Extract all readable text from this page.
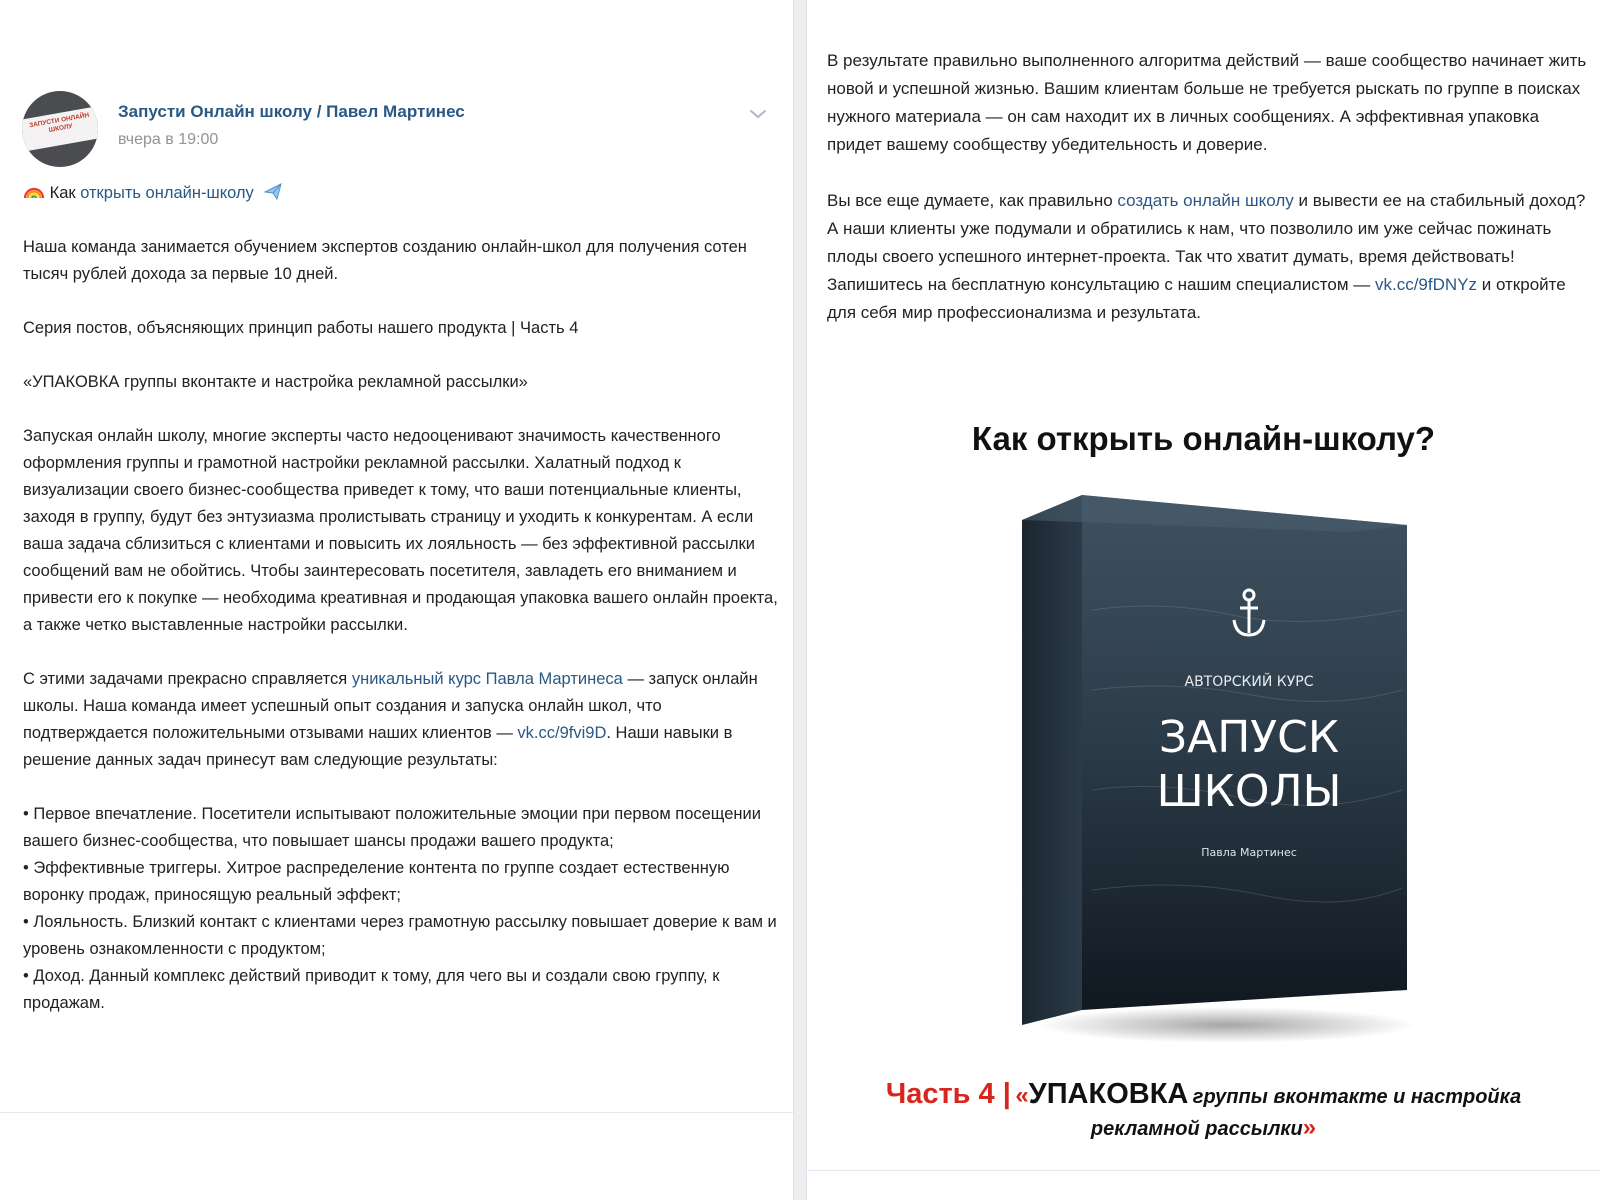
ЗАПУСТИ ОНЛАЙН ШКОЛУ
Запусти Онлайн школу / Павел Мартинес
вчера в 19:00

Как открыть онлайн-школу

Наша команда занимается обучением экспертов созданию онлайн-школ для получения сотен тысяч рублей дохода за первые 10 дней.

Серия постов, объясняющих принцип работы нашего продукта | Часть 4

«УПАКОВКА группы вконтакте и настройка рекламной рассылки»

Запуская онлайн школу, многие эксперты часто недооценивают значимость качественного оформления группы и грамотной настройки рекламной рассылки. Халатный подход к визуализации своего бизнес-сообщества приведет к тому, что ваши потенциальные клиенты, заходя в группу, будут без энтузиазма пролистывать страницу и уходить к конкурентам. А если ваша задача сблизиться с клиентами и повысить их лояльность — без эффективной рассылки сообщений вам не обойтись. Чтобы заинтересовать посетителя, завладеть его вниманием и привести его к покупке — необходима креативная и продающая упаковка вашего онлайн проекта, а также четко выставленные настройки рассылки.

С этими задачами прекрасно справляется уникальный курс Павла Мартинеса — запуск онлайн школы. Наша команда имеет успешный опыт создания и запуска онлайн школ, что подтверждается положительными отзывами наших клиентов — vk.cc/9fvi9D. Наши навыки в решение данных задач принесут вам следующие результаты:

• Первое впечатление. Посетители испытывают положительные эмоции при первом посещении вашего бизнес-сообщества, что повышает шансы продажи вашего продукта;
• Эффективные триггеры. Хитрое распределение контента по группе создает естественную воронку продаж, приносящую реальный эффект;
• Лояльность. Близкий контакт с клиентами через грамотную рассылку повышает доверие к вам и уровень ознакомленности с продуктом;
• Доход. Данный комплекс действий приводит к тому, для чего вы и создали свою группу, к продажам.

В результате правильно выполненного алгоритма действий — ваше сообщество начинает жить новой и успешной жизнью. Вашим клиентам больше не требуется рыскать по группе в поисках нужного материала — он сам находит их в личных сообщениях. А эффективная упаковка придет вашему сообществу убедительность и доверие.

Вы все еще думаете, как правильно создать онлайн школу и вывести ее на стабильный доход? А наши клиенты уже подумали и обратились к нам, что позволило им уже сейчас пожинать плоды своего успешного интернет-проекта. Так что хватит думать, время действовать! Запишитесь на бесплатную консультацию с нашим специалистом — vk.cc/9fDNYz и откройте для себя мир профессионализма и результата.

Как открыть онлайн-школу?
АВТОРСКИЙ КУРС
ЗАПУСК
ШКОЛЫ
Павла Мартинес
Часть 4 | «УПАКОВКА группы вконтакте и настройка
рекламной рассылки»
